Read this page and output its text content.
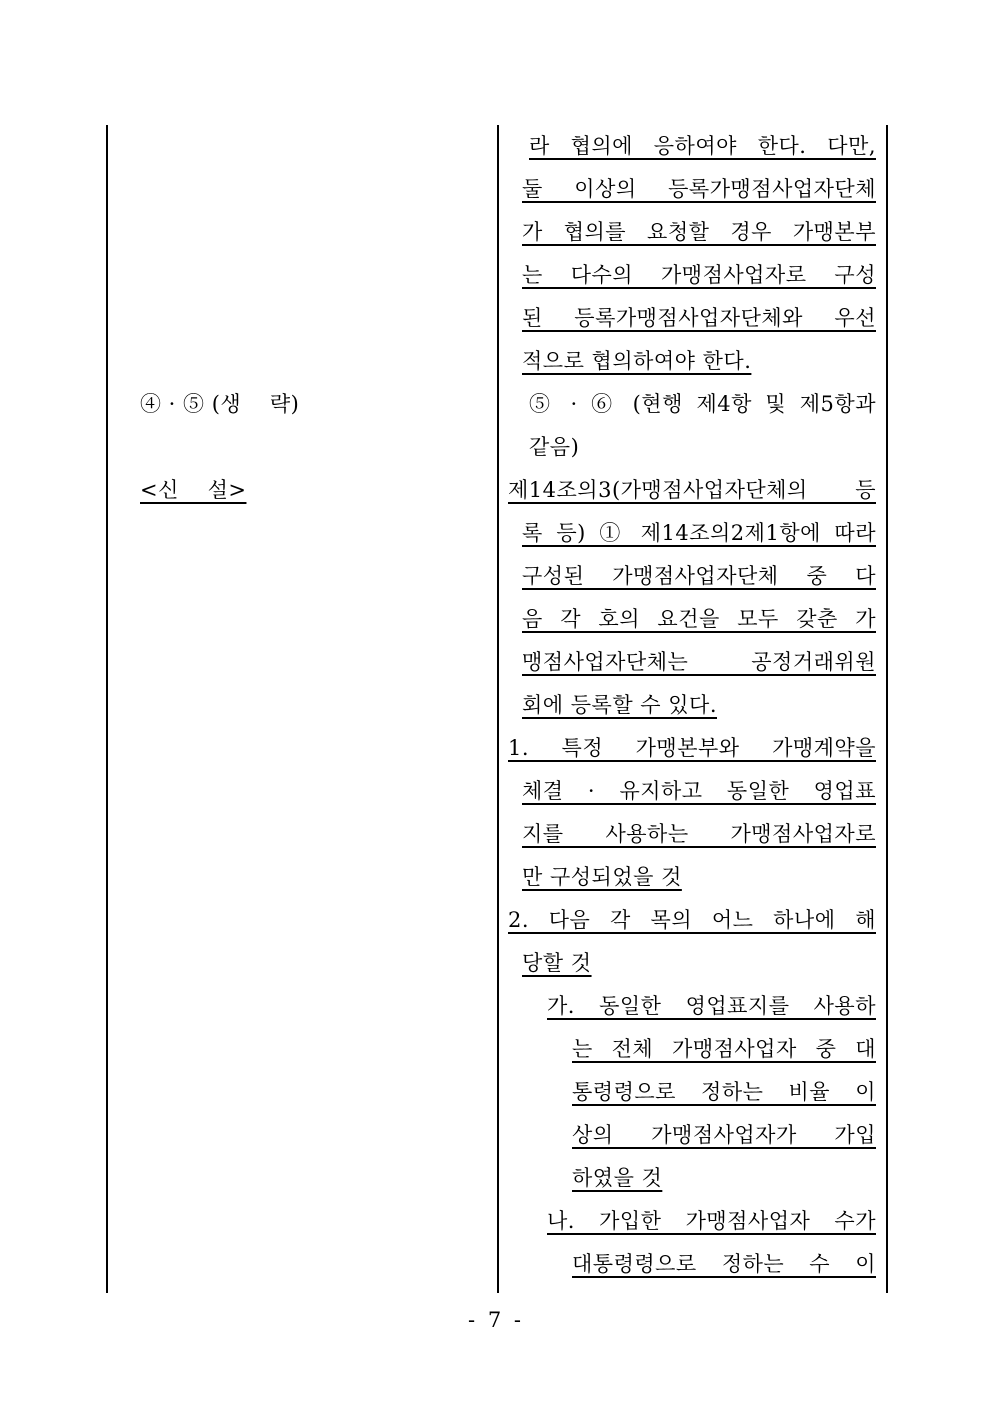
④ · ⑤ (생    략)
<신    설>
라 협의에 응하여야 한다. 다만,
둘 이상의 등록가맹점사업자단체
가 협의를 요청할 경우 가맹본부
는 다수의 가맹점사업자로 구성
된 등록가맹점사업자단체와 우선
적으로 협의하여야 한다.
⑤ · ⑥ (현행 제4항 및 제5항과
같음)
제14조의3(가맹점사업자단체의 등
록 등) ① 제14조의2제1항에 따라
구성된 가맹점사업자단체 중 다
음 각 호의 요건을 모두 갖춘 가
맹점사업자단체는 공정거래위원
회에 등록할 수 있다.
1. 특정 가맹본부와 가맹계약을
체결 · 유지하고 동일한 영업표
지를 사용하는 가맹점사업자로
만 구성되었을 것
2. 다음 각 목의 어느 하나에 해
당할 것
가. 동일한 영업표지를 사용하
는 전체 가맹점사업자 중 대
통령령으로 정하는 비율 이
상의 가맹점사업자가 가입
하였을 것
나. 가입한 가맹점사업자 수가
대통령령으로 정하는 수 이
- 7 -
